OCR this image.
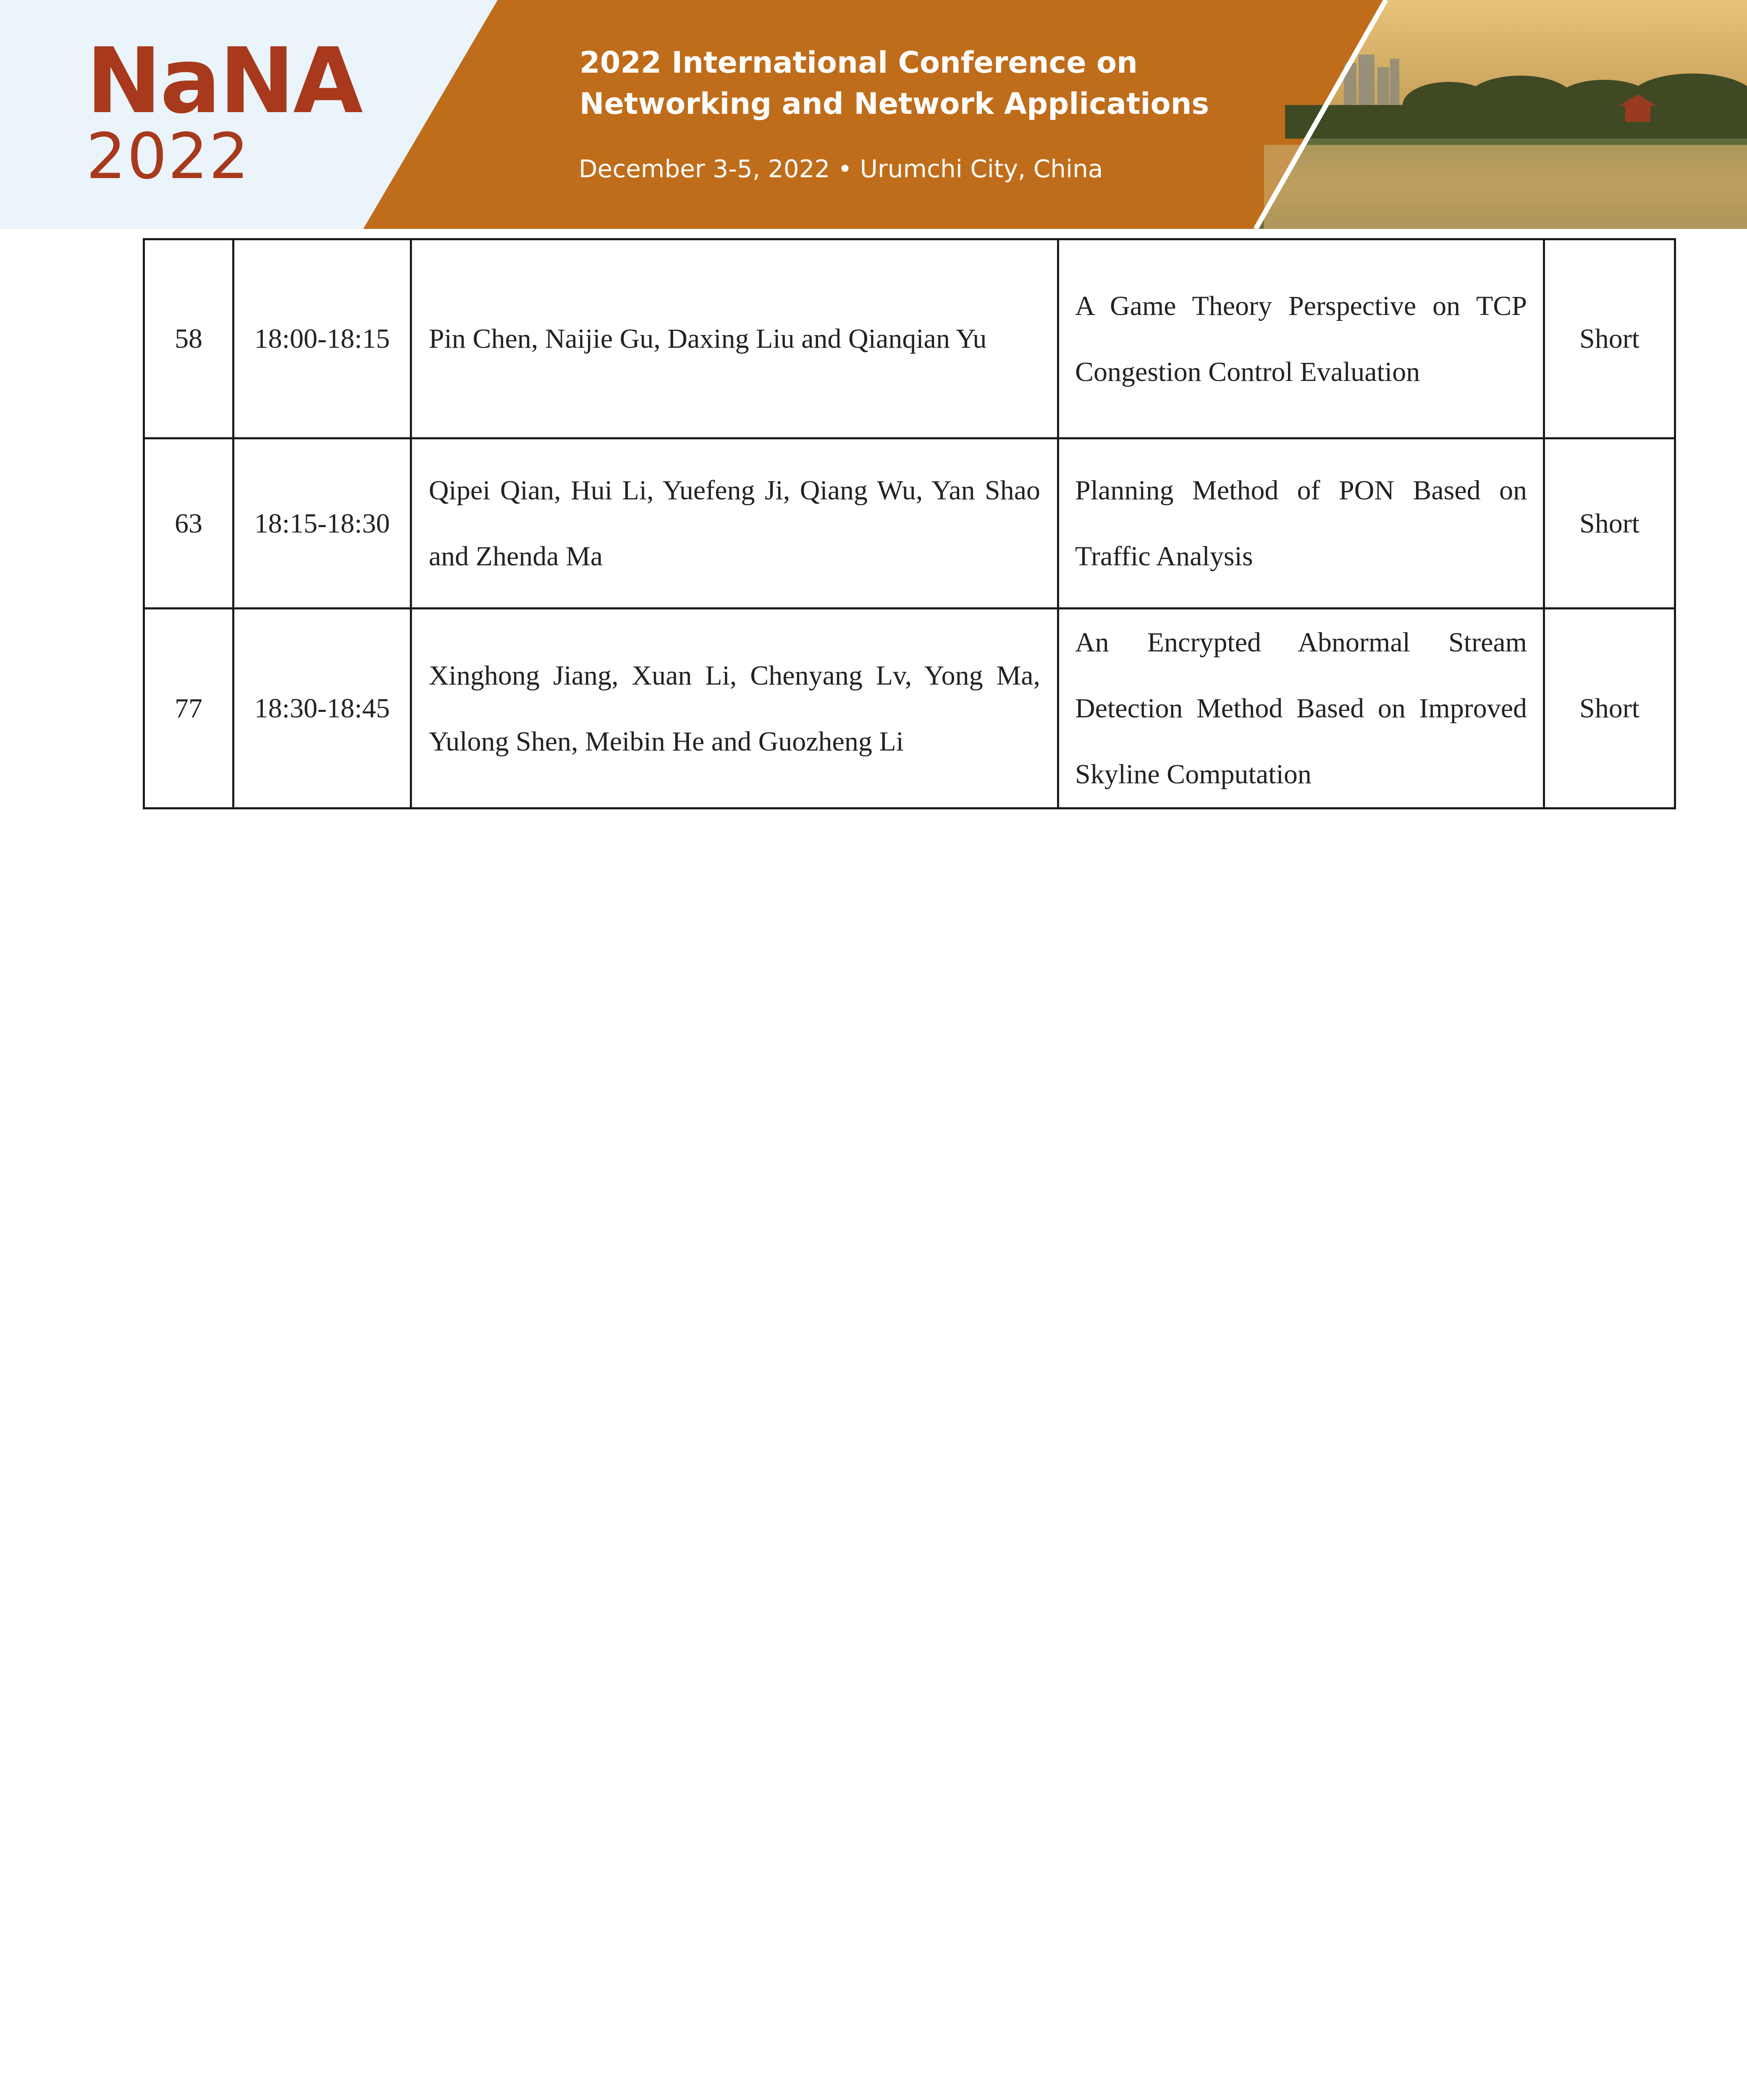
NaNA
2022
2022 International Conference on
Networking and Network Applications
December 3-5, 2022 • Urumchi City, China
58	18:00-18:15	Pin Chen, Naijie Gu, Daxing Liu and Qianqian Yu	A Game Theory Perspective on TCP Congestion Control Evaluation	Short
63	18:15-18:30	Qipei Qian, Hui Li, Yuefeng Ji, Qiang Wu, Yan Shao and Zhenda Ma	Planning Method of PON Based on Traffic Analysis	Short
77	18:30-18:45	Xinghong Jiang, Xuan Li, Chenyang Lv, Yong Ma, Yulong Shen, Meibin He and Guozheng Li	An Encrypted Abnormal Stream Detection Method Based on Improved Skyline Computation	Short
